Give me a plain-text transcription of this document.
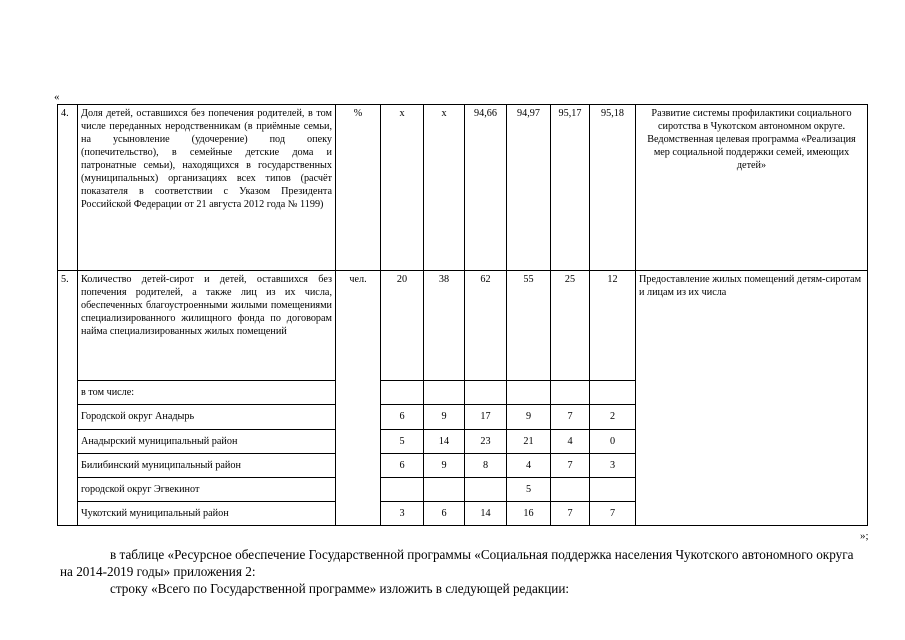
«
4.	Доля детей, оставшихся без попечения родителей, в том числе переданных неродственникам (в приёмные семьи, на усыновление (удочерение) под опеку (попечительство), в семейные детские дома и патронатные семьи), находящихся в государственных (муниципальных) организациях всех типов (расчёт показателя в соответствии с Указом Президента Российской Федерации от 21 августа 2012 года № 1199)	%	x	x	94,66	94,97	95,17	95,18	Развитие системы профилактики социального сиротства в Чукотском автономном округе. Ведомственная целевая программа «Реализация мер социальной поддержки семей, имеющих детей»
5.	Количество детей-сирот и детей, оставшихся без попечения родителей, а также лиц из их числа, обеспеченных благоустроенными жилыми помещениями специализированного жилищного фонда по договорам найма специализированных жилых помещений	чел.	20	38	62	55	25	12	Предоставление жилых помещений детям-сиротам и лицам из их числа
	в том числе:								
	Городской округ Анадырь		6	9	17	9	7	2	
	Анадырский муниципальный район		5	14	23	21	4	0	
	Билибинский муниципальный район		6	9	8	4	7	3	
	городской округ Эгвекинот					5			
	Чукотский муниципальный район		3	6	14	16	7	7	
»;
в таблице «Ресурсное обеспечение Государственной программы «Социальная поддержка населения Чукотского автономного округа на 2014-2019 годы» приложения 2:
строку «Всего по Государственной программе» изложить в следующей редакции:
